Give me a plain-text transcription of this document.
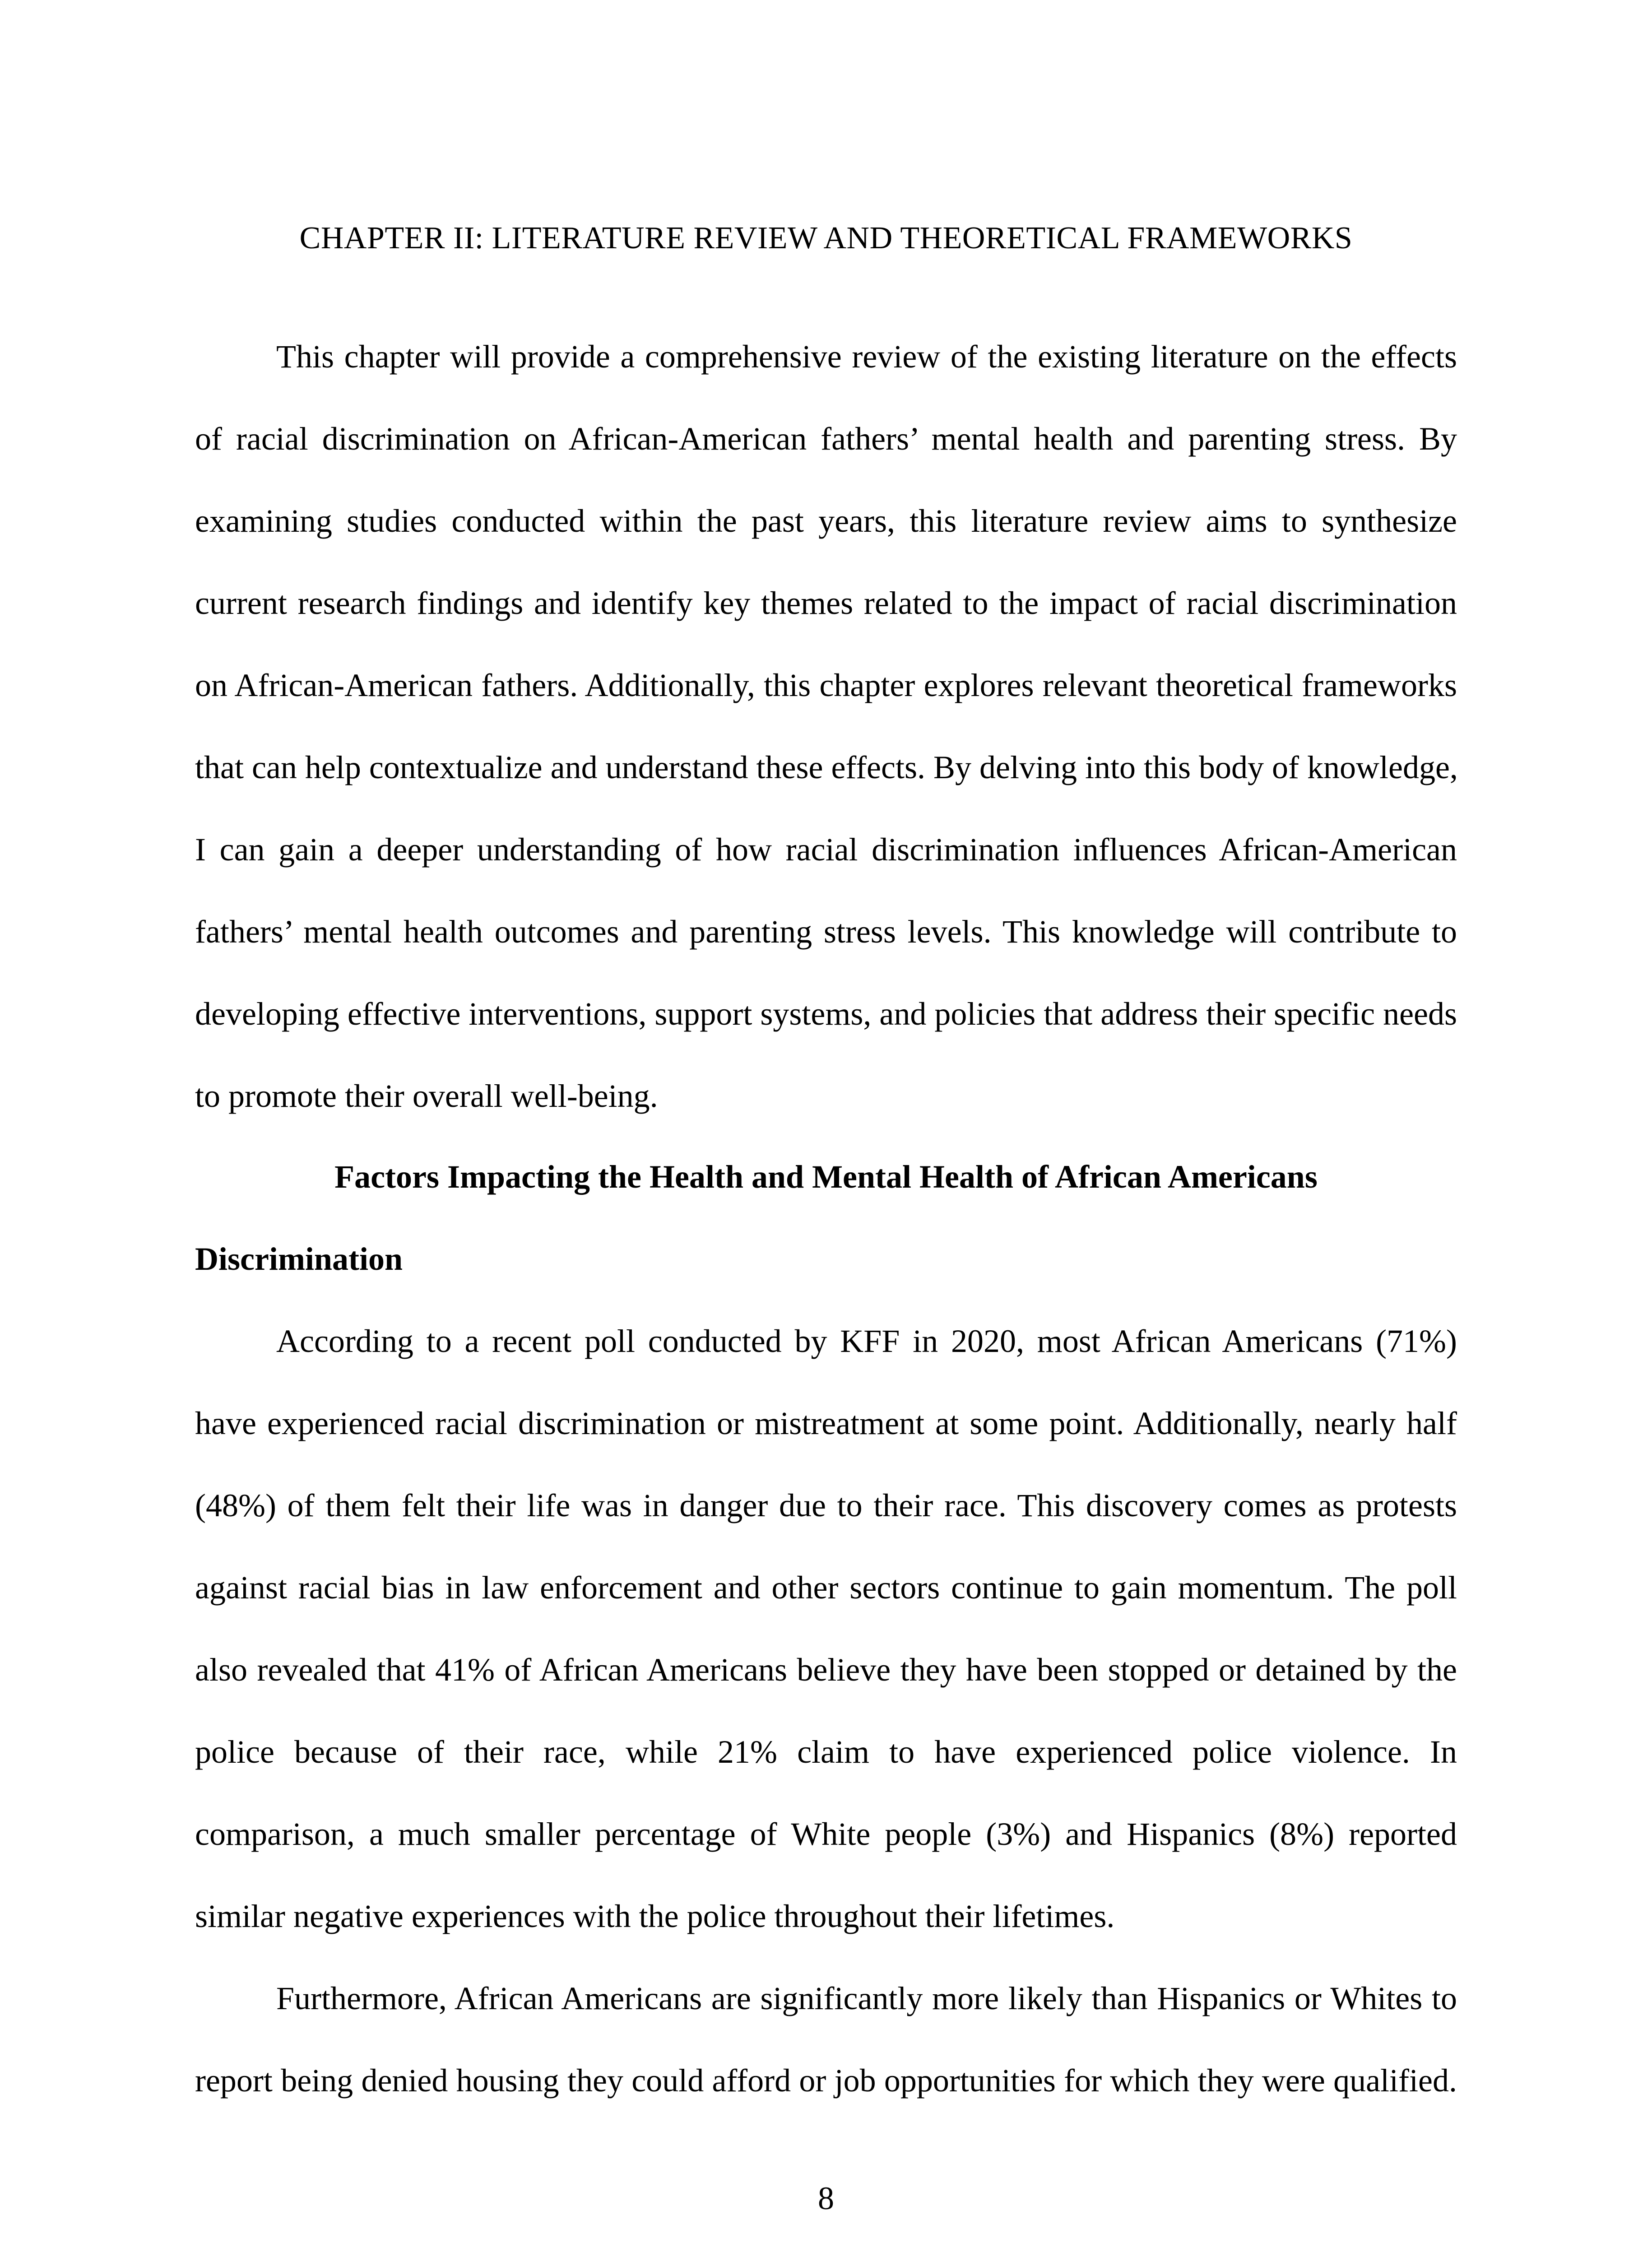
CHAPTER II: LITERATURE REVIEW AND THEORETICAL FRAMEWORKS
This chapter will provide a comprehensive review of the existing literature on the effects
of racial discrimination on African-American fathers’ mental health and parenting stress. By
examining studies conducted within the past years, this literature review aims to synthesize
current research findings and identify key themes related to the impact of racial discrimination
on African-American fathers. Additionally, this chapter explores relevant theoretical frameworks
that can help contextualize and understand these effects. By delving into this body of knowledge,
I can gain a deeper understanding of how racial discrimination influences African-American
fathers’ mental health outcomes and parenting stress levels. This knowledge will contribute to
developing effective interventions, support systems, and policies that address their specific needs
to promote their overall well-being.
Factors Impacting the Health and Mental Health of African Americans
Discrimination
According to a recent poll conducted by KFF in 2020, most African Americans (71%)
have experienced racial discrimination or mistreatment at some point. Additionally, nearly half
(48%) of them felt their life was in danger due to their race. This discovery comes as protests
against racial bias in law enforcement and other sectors continue to gain momentum. The poll
also revealed that 41% of African Americans believe they have been stopped or detained by the
police because of their race, while 21% claim to have experienced police violence. In
comparison, a much smaller percentage of White people (3%) and Hispanics (8%) reported
similar negative experiences with the police throughout their lifetimes.
Furthermore, African Americans are significantly more likely than Hispanics or Whites to
report being denied housing they could afford or job opportunities for which they were qualified.
8
